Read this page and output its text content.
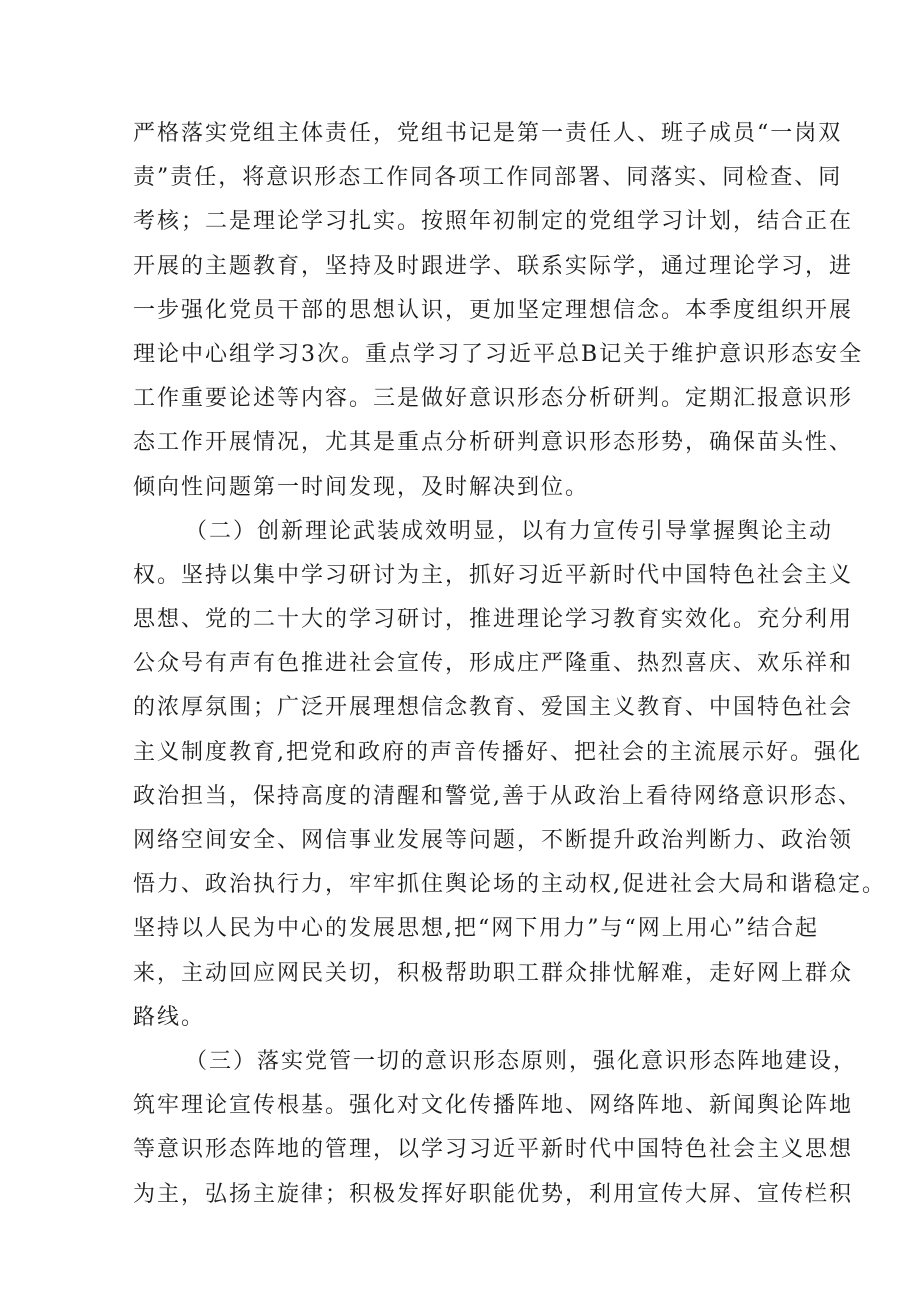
严格落实党组主体责任，党组书记是第一责任人、班子成员“一岗双
责”责任，将意识形态工作同各项工作同部署、同落实、同检查、同
考核；二是理论学习扎实。按照年初制定的党组学习计划，结合正在
开展的主题教育，坚持及时跟进学、联系实际学，通过理论学习，进
一步强化党员干部的思想认识，更加坚定理想信念。本季度组织开展
理论中心组学习3次。重点学习了习近平总B记关于维护意识形态安全
工作重要论述等内容。三是做好意识形态分析研判。定期汇报意识形
态工作开展情况，尤其是重点分析研判意识形态形势，确保苗头性、
倾向性问题第一时间发现，及时解决到位。
（二）创新理论武装成效明显，以有力宣传引导掌握舆论主动
权。坚持以集中学习研讨为主，抓好习近平新时代中国特色社会主义
思想、党的二十大的学习研讨，推进理论学习教育实效化。充分利用
公众号有声有色推进社会宣传，形成庄严隆重、热烈喜庆、欢乐祥和
的浓厚氛围；广泛开展理想信念教育、爱国主义教育、中国特色社会
主义制度教育,把党和政府的声音传播好、把社会的主流展示好。强化
政治担当，保持高度的清醒和警觉,善于从政治上看待网络意识形态、
网络空间安全、网信事业发展等问题，不断提升政治判断力、政治领
悟力、政治执行力，牢牢抓住舆论场的主动权,促进社会大局和谐稳定。
坚持以人民为中心的发展思想,把“网下用力”与“网上用心”结合起
来，主动回应网民关切，积极帮助职工群众排忧解难，走好网上群众
路线。
（三）落实党管一切的意识形态原则，强化意识形态阵地建设，
筑牢理论宣传根基。强化对文化传播阵地、网络阵地、新闻舆论阵地
等意识形态阵地的管理，以学习习近平新时代中国特色社会主义思想
为主，弘扬主旋律；积极发挥好职能优势，利用宣传大屏、宣传栏积
